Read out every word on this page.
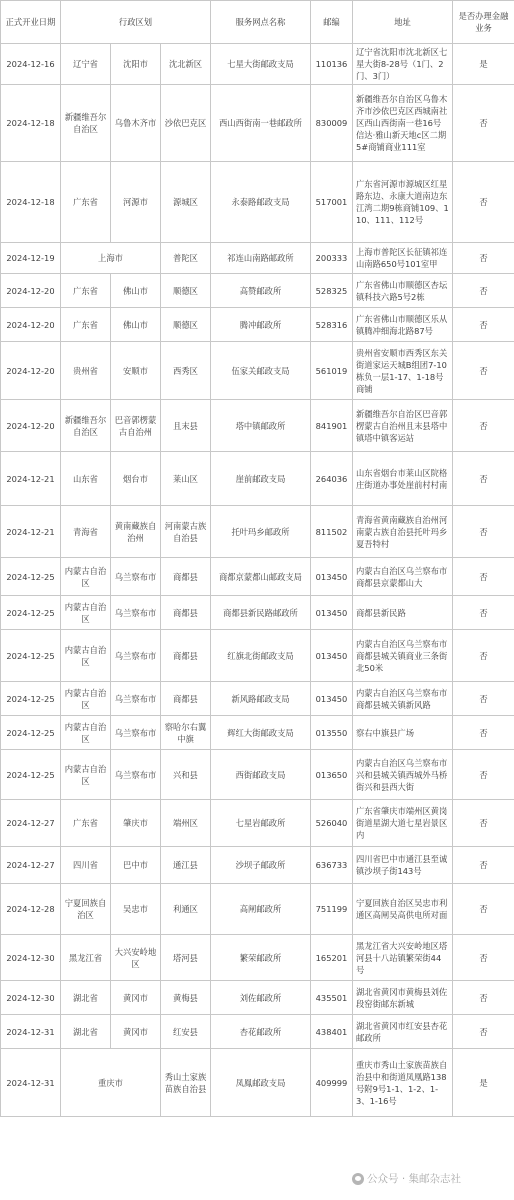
正式开业日期	行政区划			服务网点名称	邮编	地址	是否办理金融业务
2024-12-16	辽宁省	沈阳市	沈北新区	七星大街邮政支局	110136	辽宁省沈阳市沈北新区七星大街8-28号（1门、2门、3门）	是
2024-12-18	新疆维吾尔自治区	乌鲁木齐市	沙依巴克区	西山西街南一巷邮政所	830009	新疆维吾尔自治区乌鲁木齐市沙依巴克区西城南社区西山西街南一巷16号信达·雅山新天地c区二期5#商铺商业111室	否
2024-12-18	广东省	河源市	源城区	永泰路邮政支局	517001	广东省河源市源城区红星路东边、永康大道南边东江湾二期9栋商铺109、110、111、112号	否
2024-12-19	上海市		普陀区	祁连山南路邮政所	200333	上海市普陀区长征镇祁连山南路650号101室甲	否
2024-12-20	广东省	佛山市	顺德区	高赞邮政所	528325	广东省佛山市顺德区杏坛镇科技六路5号2栋	否
2024-12-20	广东省	佛山市	顺德区	腾冲邮政所	528316	广东省佛山市顺德区乐从镇腾冲细海北路87号	否
2024-12-20	贵州省	安顺市	西秀区	伍家关邮政支局	561019	贵州省安顺市西秀区东关街道家运天城B组团7-10栋负一层1-17、1-18号商铺	否
2024-12-20	新疆维吾尔自治区	巴音郭楞蒙古自治州	且末县	塔中镇邮政所	841901	新疆维吾尔自治区巴音郭楞蒙古自治州且末县塔中镇塔中镇客运站	否
2024-12-21	山东省	烟台市	莱山区	崖前邮政支局	264036	山东省烟台市莱山区院格庄街道办事处崖前村村南	否
2024-12-21	青海省	黄南藏族自治州	河南蒙古族自治县	托叶玛乡邮政所	811502	青海省黄南藏族自治州河南蒙古族自治县托叶玛乡夏吾特村	否
2024-12-25	内蒙古自治区	乌兰察布市	商都县	商都京蒙都山邮政支局	013450	内蒙古自治区乌兰察布市商都县京蒙都山大	否
2024-12-25	内蒙古自治区	乌兰察布市	商都县	商都县新民路邮政所	013450	商都县新民路	否
2024-12-25	内蒙古自治区	乌兰察布市	商都县	红旗北街邮政支局	013450	内蒙古自治区乌兰察布市商都县城关镇商业三条街北50米	否
2024-12-25	内蒙古自治区	乌兰察布市	商都县	新风路邮政支局	013450	内蒙古自治区乌兰察布市商都县城关镇新风路	否
2024-12-25	内蒙古自治区	乌兰察布市	察哈尔右翼中旗	辉红大街邮政支局	013550	察右中旗县广场	否
2024-12-25	内蒙古自治区	乌兰察布市	兴和县	西街邮政支局	013650	内蒙古自治区乌兰察布市兴和县城关镇西城外马桥街兴和县西大街	否
2024-12-27	广东省	肇庆市	端州区	七星岩邮政所	526040	广东省肇庆市端州区黄岗街道星湖大道七星岩景区内	否
2024-12-27	四川省	巴中市	通江县	沙坝子邮政所	636733	四川省巴中市通江县至诚镇沙坝子街143号	否
2024-12-28	宁夏回族自治区	吴忠市	利通区	高闸邮政所	751199	宁夏回族自治区吴忠市利通区高闸吴高供电所对面	否
2024-12-30	黑龙江省	大兴安岭地区	塔河县	繁荣邮政所	165201	黑龙江省大兴安岭地区塔河县十八站镇繁荣街44号	否
2024-12-30	湖北省	黄冈市	黄梅县	刘佐邮政所	435501	湖北省黄冈市黄梅县刘佐段窑街邮东新城	否
2024-12-31	湖北省	黄冈市	红安县	杏花邮政所	438401	湖北省黄冈市红安县杏花邮政所	否
2024-12-31	重庆市		秀山土家族苗族自治县	凤鳯邮政支局	409999	重庆市秀山土家族苗族自治县中和街道凤凰路138号附9号1-1、1-2、1-3、1-16号	是
公众号 · 集邮杂志社
